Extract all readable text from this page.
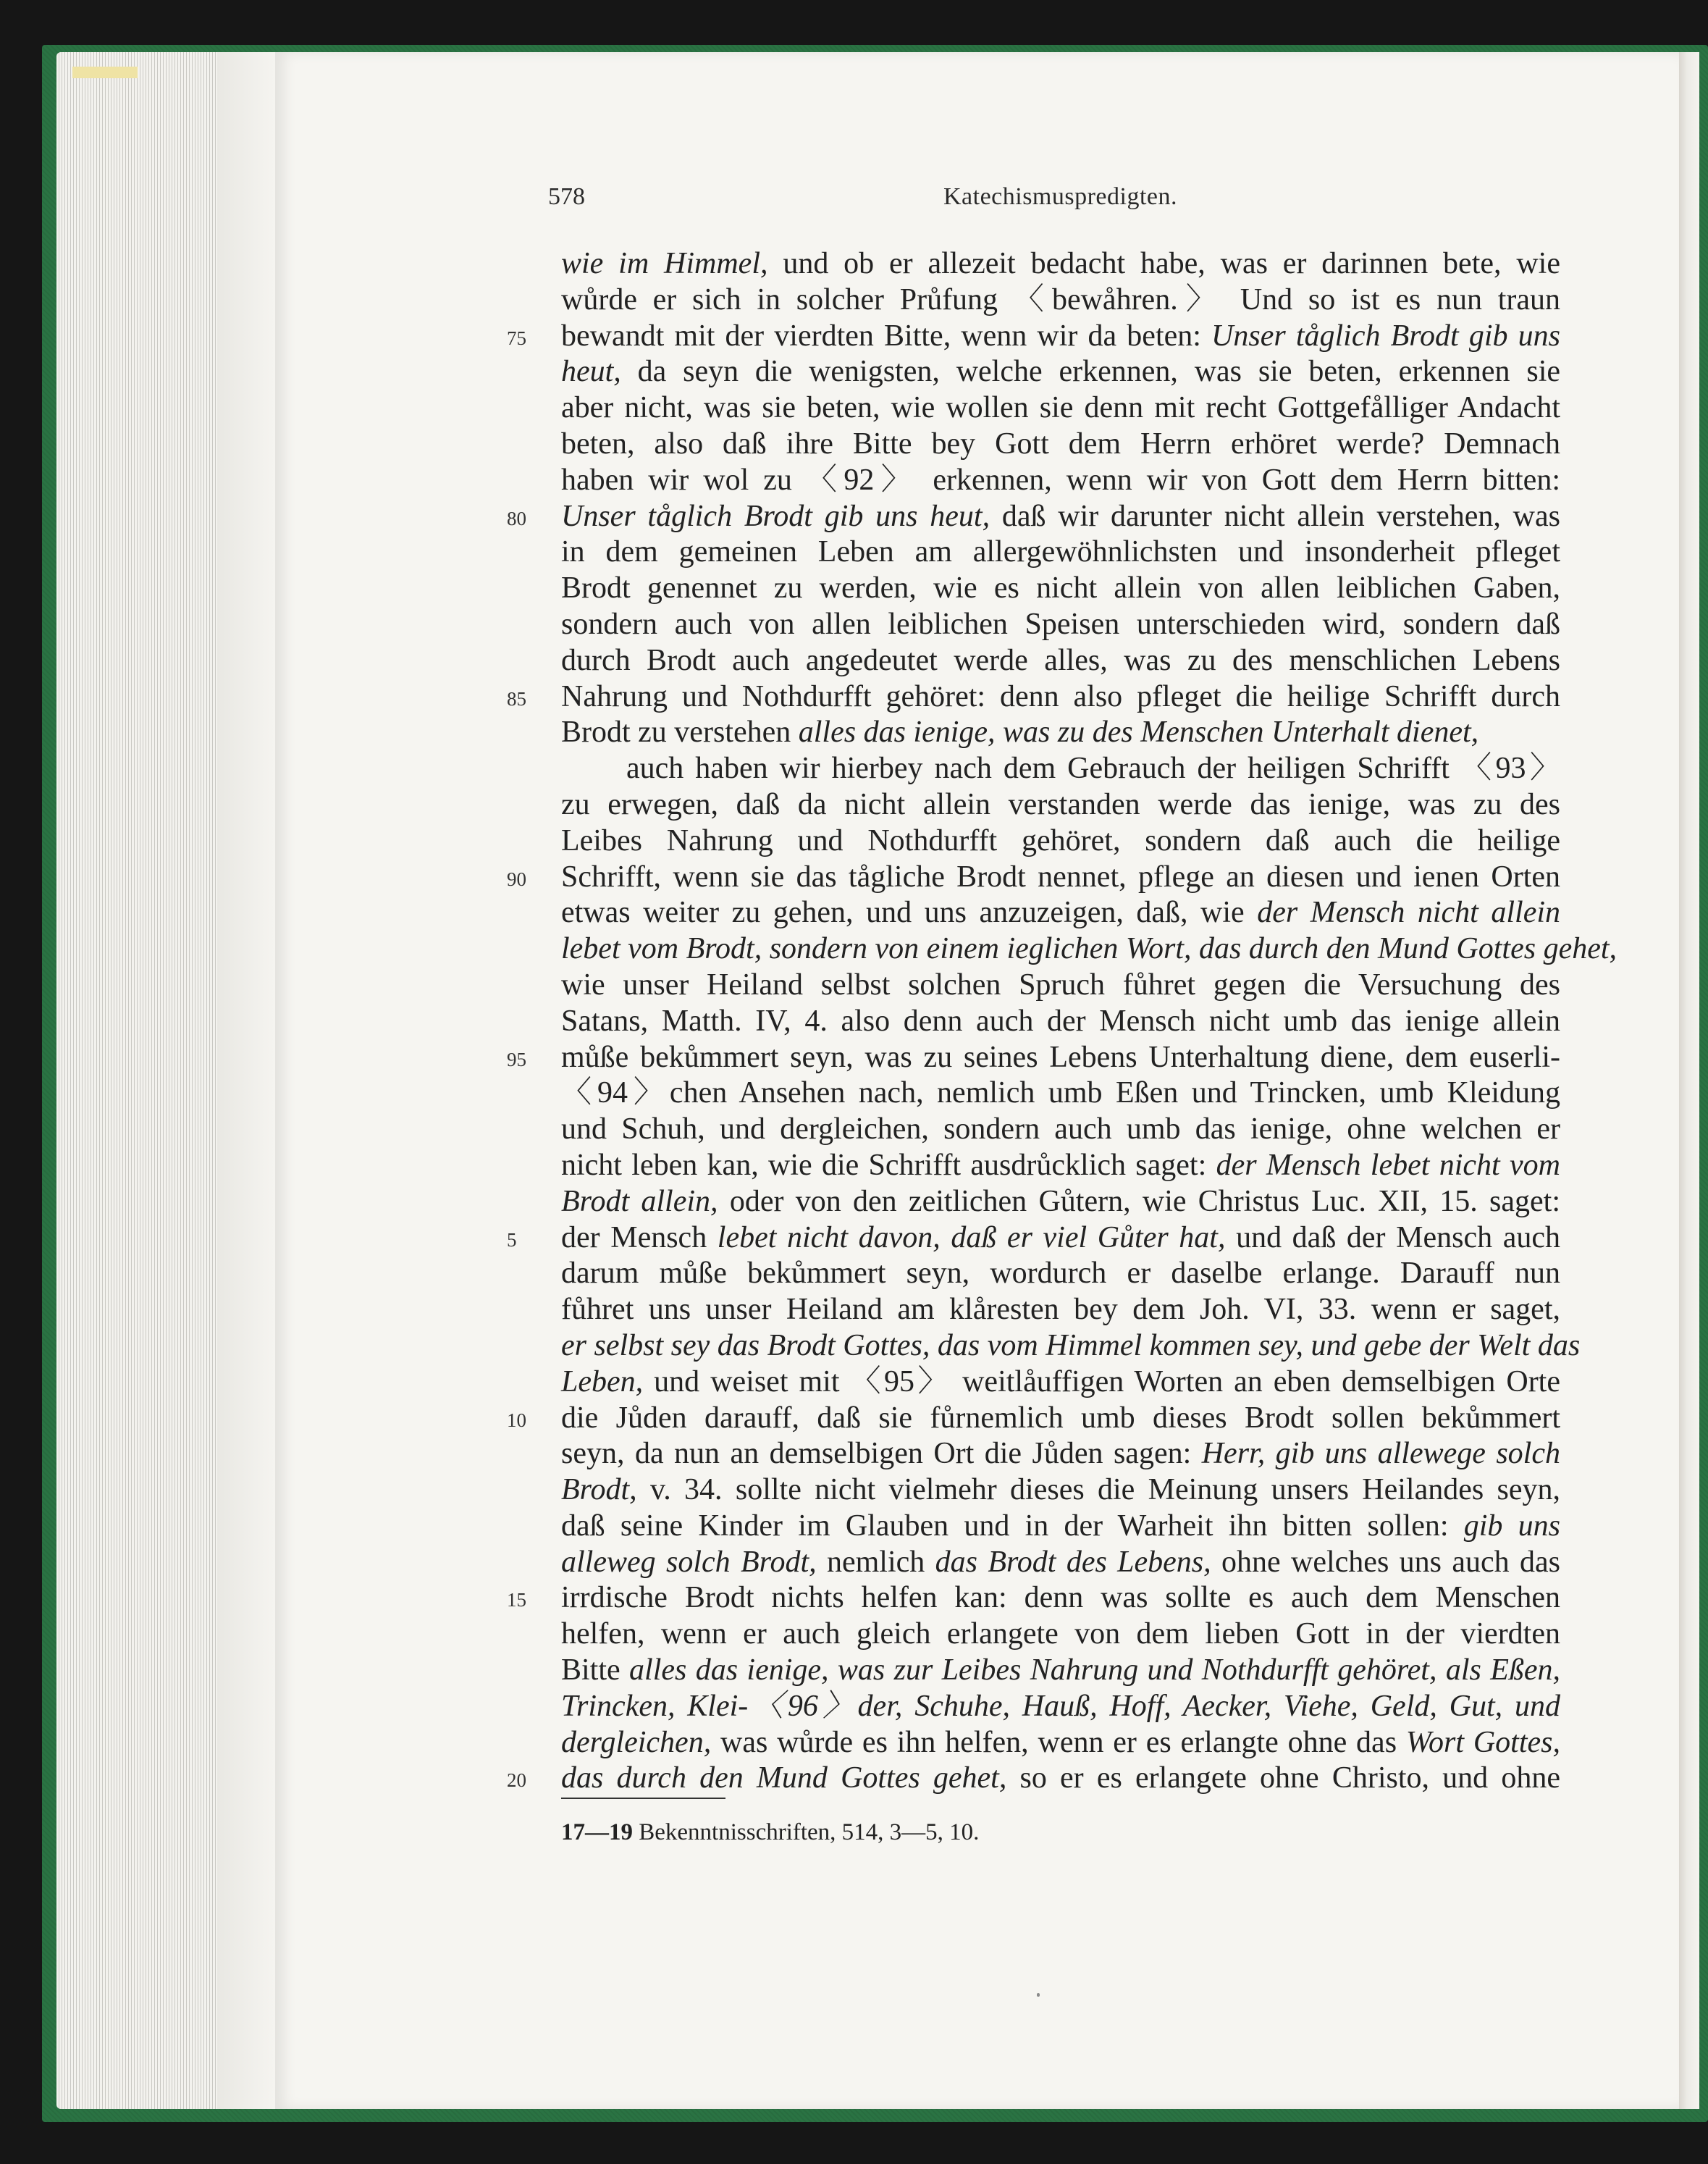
578	Katechismuspredigten.
wie im Himmel, und ob er allezeit bedacht habe, was er darinnen bete, wie
wůrde er sich in solcher Průfung 〈bewåhren.〉 Und so ist es nun traun
75	bewandt mit der vierdten Bitte, wenn wir da beten: Unser tåglich Brodt gib uns
heut, da seyn die wenigsten, welche erkennen, was sie beten, erkennen sie
aber nicht, was sie beten, wie wollen sie denn mit recht Gottgefålliger Andacht
beten, also daß ihre Bitte bey Gott dem Herrn erhöret werde? Demnach
haben wir wol zu 〈92〉 erkennen, wenn wir von Gott dem Herrn bitten:
80	Unser tåglich Brodt gib uns heut, daß wir darunter nicht allein verstehen, was
in dem gemeinen Leben am allergewöhnlichsten und insonderheit pfleget
Brodt genennet zu werden, wie es nicht allein von allen leiblichen Gaben,
sondern auch von allen leiblichen Speisen unterschieden wird, sondern daß
durch Brodt auch angedeutet werde alles, was zu des menschlichen Lebens
85	Nahrung und Nothdurfft gehöret: denn also pfleget die heilige Schrifft durch
Brodt zu verstehen alles das ienige, was zu des Menschen Unterhalt dienet,
auch haben wir hierbey nach dem Gebrauch der heiligen Schrifft 〈93〉
zu erwegen, daß da nicht allein verstanden werde das ienige, was zu des
Leibes Nahrung und Nothdurfft gehöret, sondern daß auch die heilige
90	Schrifft, wenn sie das tågliche Brodt nennet, pflege an diesen und ienen Orten
etwas weiter zu gehen, und uns anzuzeigen, daß, wie der Mensch nicht allein
lebet vom Brodt, sondern von einem ieglichen Wort, das durch den Mund Gottes gehet,
wie unser Heiland selbst solchen Spruch fůhret gegen die Versuchung des
Satans, Matth. IV, 4. also denn auch der Mensch nicht umb das ienige allein
95	můße bekůmmert seyn, was zu seines Lebens Unterhaltung diene, dem euserli-
〈94〉chen Ansehen nach, nemlich umb Eßen und Trincken, umb Kleidung
und Schuh, und dergleichen, sondern auch umb das ienige, ohne welchen er
nicht leben kan, wie die Schrifft ausdrůcklich saget: der Mensch lebet nicht vom
Brodt allein, oder von den zeitlichen Gůtern, wie Christus Luc. XII, 15. saget:
5	der Mensch lebet nicht davon, daß er viel Gůter hat, und daß der Mensch auch
darum můße bekůmmert seyn, wordurch er daselbe erlange. Darauff nun
fůhret uns unser Heiland am klåresten bey dem Joh. VI, 33. wenn er saget,
er selbst sey das Brodt Gottes, das vom Himmel kommen sey, und gebe der Welt das
Leben, und weiset mit 〈95〉 weitlåuffigen Worten an eben demselbigen Orte
10	die Jůden darauff, daß sie fůrnemlich umb dieses Brodt sollen bekůmmert
seyn, da nun an demselbigen Ort die Jůden sagen: Herr, gib uns allewege solch
Brodt, v. 34. sollte nicht vielmehr dieses die Meinung unsers Heilandes seyn,
daß seine Kinder im Glauben und in der Warheit ihn bitten sollen: gib uns
alleweg solch Brodt, nemlich das Brodt des Lebens, ohne welches uns auch das
15	irrdische Brodt nichts helfen kan: denn was sollte es auch dem Menschen
helfen, wenn er auch gleich erlangete von dem lieben Gott in der vierdten
Bitte alles das ienige, was zur Leibes Nahrung und Nothdurfft gehöret, als Eßen,
Trincken, Klei-〈96〉der, Schuhe, Hauß, Hoff, Aecker, Viehe, Geld, Gut, und
dergleichen, was wůrde es ihn helfen, wenn er es erlangte ohne das Wort Gottes,
20	das durch den Mund Gottes gehet, so er es erlangete ohne Christo, und ohne
17—19 Bekenntnisschriften, 514, 3—5, 10.
